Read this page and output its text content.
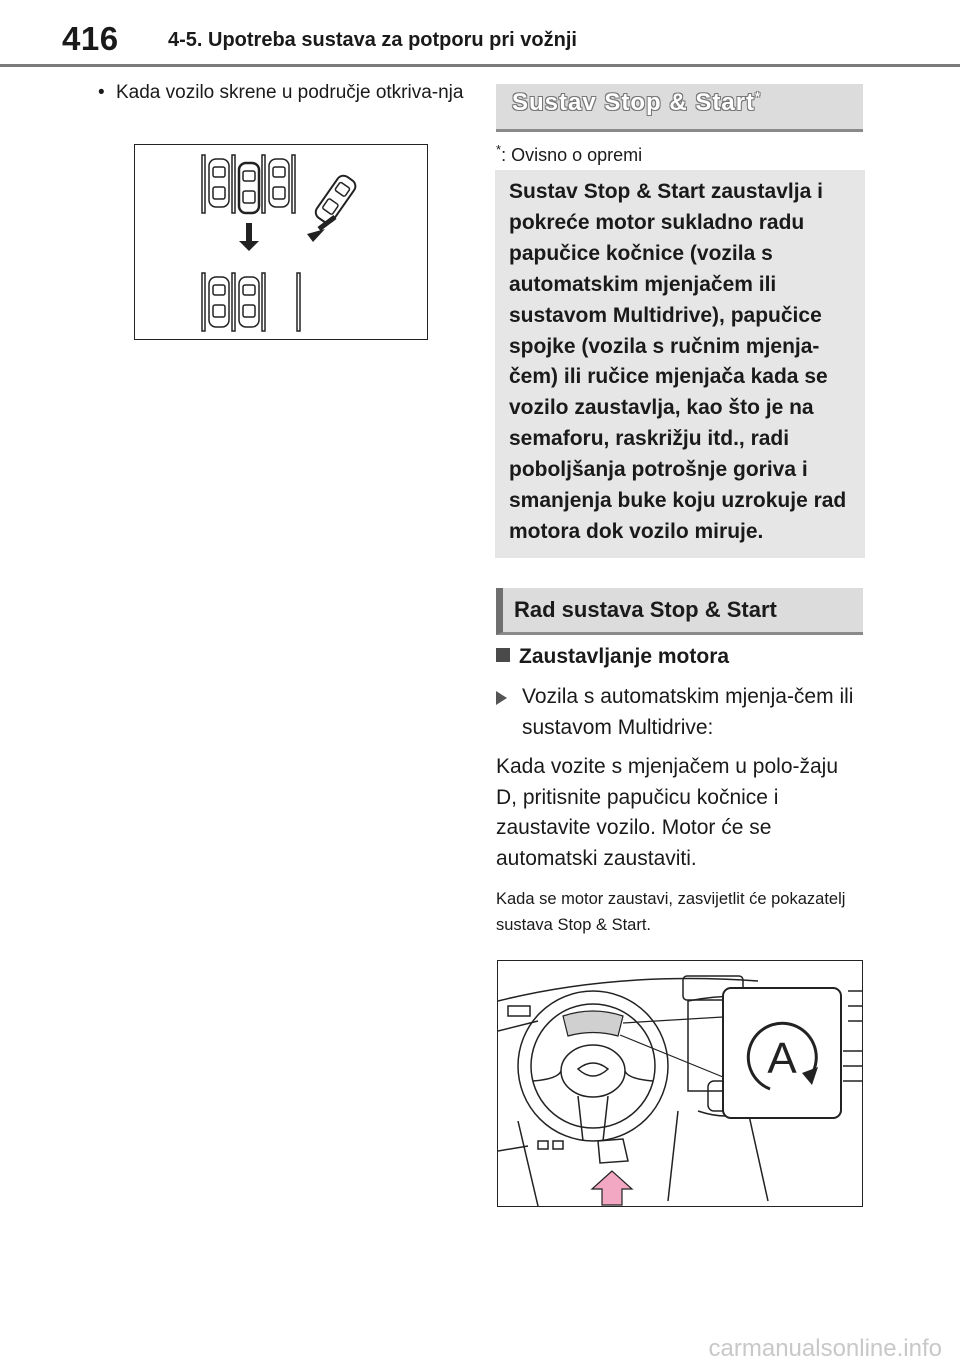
416 4-5. Upotreba sustava za potporu pri vožnji
• Kada vozilo skrene u područje otkriva-nja Sustav Stop & Start*
*: Ovisno o opremi

Sustav Stop & Start zaustavlja i pokreće motor sukladno radu papučice kočnice (vozila s automatskim mjenjačem ili sustavom Multidrive), papučice spojke (vozila s ručnim mjenja-čem) ili ručice mjenjača kada se vozilo zaustavlja, kao što je na semaforu, raskrižju itd., radi poboljšanja potrošnje goriva i smanjenja buke koju uzrokuje rad motora dok vozilo miruje.

Rad sustava Stop & Start
Zaustavljanje motora
Vozila s automatskim mjenja-čem ili sustavom Multidrive:
Kada vozite s mjenjačem u polo-žaju D, pritisnite papučicu kočnice i zaustavite vozilo. Motor će se automatski zaustaviti.
Kada se motor zaustavi, zasvijetlit će pokazatelj sustava Stop & Start.
A
carmanualsonline.info
